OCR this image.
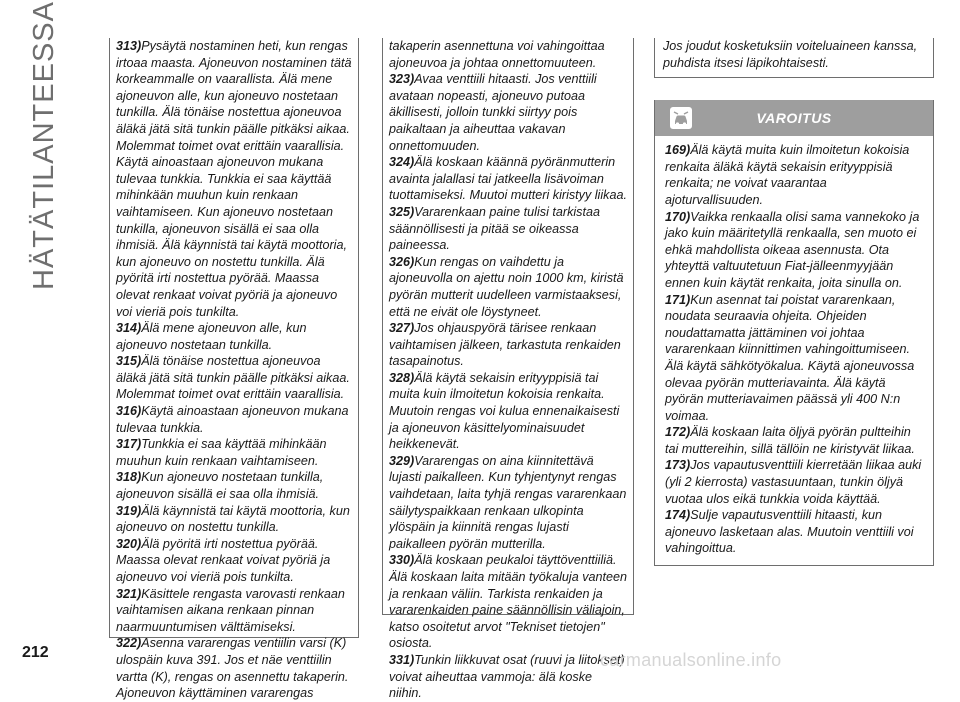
HÄTÄTILANTEESSA	313)Pysäytä nostaminen heti, kun rengas irtoaa maasta. Ajoneuvon nostaminen tätä korkeammalle on vaarallista. Älä mene ajoneuvon alle, kun ajoneuvo nostetaan tunkilla. Älä tönäise nostettua ajoneuvoa äläkä jätä sitä tunkin päälle pitkäksi aikaa. Molemmat toimet ovat erittäin vaarallisia. Käytä ainoastaan ajoneuvon mukana tulevaa tunkkia. Tunkkia ei saa käyttää mihinkään muuhun kuin renkaan vaihtamiseen. Kun ajoneuvo nostetaan tunkilla, ajoneuvon sisällä ei saa olla ihmisiä. Älä käynnistä tai käytä moottoria, kun ajoneuvo on nostettu tunkilla. Älä pyöritä irti nostettua pyörää. Maassa olevat renkaat voivat pyöriä ja ajoneuvo voi vieriä pois tunkilta.

314)Älä mene ajoneuvon alle, kun ajoneuvo nostetaan tunkilla.

315)Älä tönäise nostettua ajoneuvoa äläkä jätä sitä tunkin päälle pitkäksi aikaa. Molemmat toimet ovat erittäin vaarallisia.

316)Käytä ainoastaan ajoneuvon mukana tulevaa tunkkia.

317)Tunkkia ei saa käyttää mihinkään muuhun kuin renkaan vaihtamiseen.

318)Kun ajoneuvo nostetaan tunkilla, ajoneuvon sisällä ei saa olla ihmisiä.

319)Älä käynnistä tai käytä moottoria, kun ajoneuvo on nostettu tunkilla.

320)Älä pyöritä irti nostettua pyörää. Maassa olevat renkaat voivat pyöriä ja ajoneuvo voi vieriä pois tunkilta.

321)Käsittele rengasta varovasti renkaan vaihtamisen aikana renkaan pinnan naarmuuntumisen välttämiseksi.

322)Asenna vararengas ventiilin varsi (K) ulospäin kuva 391. Jos et näe venttiilin vartta (K), rengas on asennettu takaperin. Ajoneuvon käyttäminen vararengas

takaperin asennettuna voi vahingoittaa ajoneuvoa ja johtaa onnettomuuteen.

323)Avaa venttiili hitaasti. Jos venttiili avataan nopeasti, ajoneuvo putoaa äkillisesti, jolloin tunkki siirtyy pois paikaltaan ja aiheuttaa vakavan onnettomuuden.

324)Älä koskaan käännä pyöränmutterin avainta jalallasi tai jatkeella lisävoiman tuottamiseksi. Muutoi mutteri kiristyy liikaa.

325)Vararenkaan paine tulisi tarkistaa säännöllisesti ja pitää se oikeassa paineessa.

326)Kun rengas on vaihdettu ja ajoneuvolla on ajettu noin 1000 km, kiristä pyörän mutterit uudelleen varmistaaksesi, että ne eivät ole löystyneet.

327)Jos ohjauspyörä tärisee renkaan vaihtamisen jälkeen, tarkastuta renkaiden tasapainotus.

328)Älä käytä sekaisin erityyppisiä tai muita kuin ilmoitetun kokoisia renkaita. Muutoin rengas voi kulua ennenaikaisesti ja ajoneuvon käsittelyominaisuudet heikkenevät.

329)Vararengas on aina kiinnitettävä lujasti paikalleen. Kun tyhjentynyt rengas vaihdetaan, laita tyhjä rengas vararenkaan säilytyspaikkaan renkaan ulkopinta ylöspäin ja kiinnitä rengas lujasti paikalleen pyörän mutterilla.

330)Älä koskaan peukaloi täyttöventtiiliä. Älä koskaan laita mitään työkaluja vanteen ja renkaan väliin. Tarkista renkaiden ja vararenkaiden paine säännöllisin väliajoin, katso osoitetut arvot "Tekniset tietojen" osiosta.

331)Tunkin liikkuvat osat (ruuvi ja liitokset) voivat aiheuttaa vammoja: älä koske niihin.

Jos joudut kosketuksiin voiteluaineen kanssa, puhdista itsesi läpikohtaisesti.

VAROITUS

169)Älä käytä muita kuin ilmoitetun kokoisia renkaita äläkä käytä sekaisin erityyppisiä renkaita; ne voivat vaarantaa ajoturvallisuuden.

170)Vaikka renkaalla olisi sama vannekoko ja jako kuin määritetyllä renkaalla, sen muoto ei ehkä mahdollista oikeaa asennusta. Ota yhteyttä valtuutetuun Fiat-jälleenmyyjään ennen kuin käytät renkaita, joita sinulla on.

171)Kun asennat tai poistat vararenkaan, noudata seuraavia ohjeita. Ohjeiden noudattamatta jättäminen voi johtaa vararenkaan kiinnittimen vahingoittumiseen. Älä käytä sähkötyökalua. Käytä ajoneuvossa olevaa pyörän mutteriavainta. Älä käytä pyörän mutteriavaimen päässä yli 400 N:n voimaa.

172)Älä koskaan laita öljyä pyörän pultteihin tai muttereihin, sillä tällöin ne kiristyvät liikaa.

173)Jos vapautusventtiili kierretään liikaa auki (yli 2 kierrosta) vastasuuntaan, tunkin öljyä vuotaa ulos eikä tunkkia voida käyttää.

174)Sulje vapautusventtiili hitaasti, kun ajoneuvo lasketaan alas. Muutoin venttiili voi vahingoittua.

212	carmanualsonline.info
